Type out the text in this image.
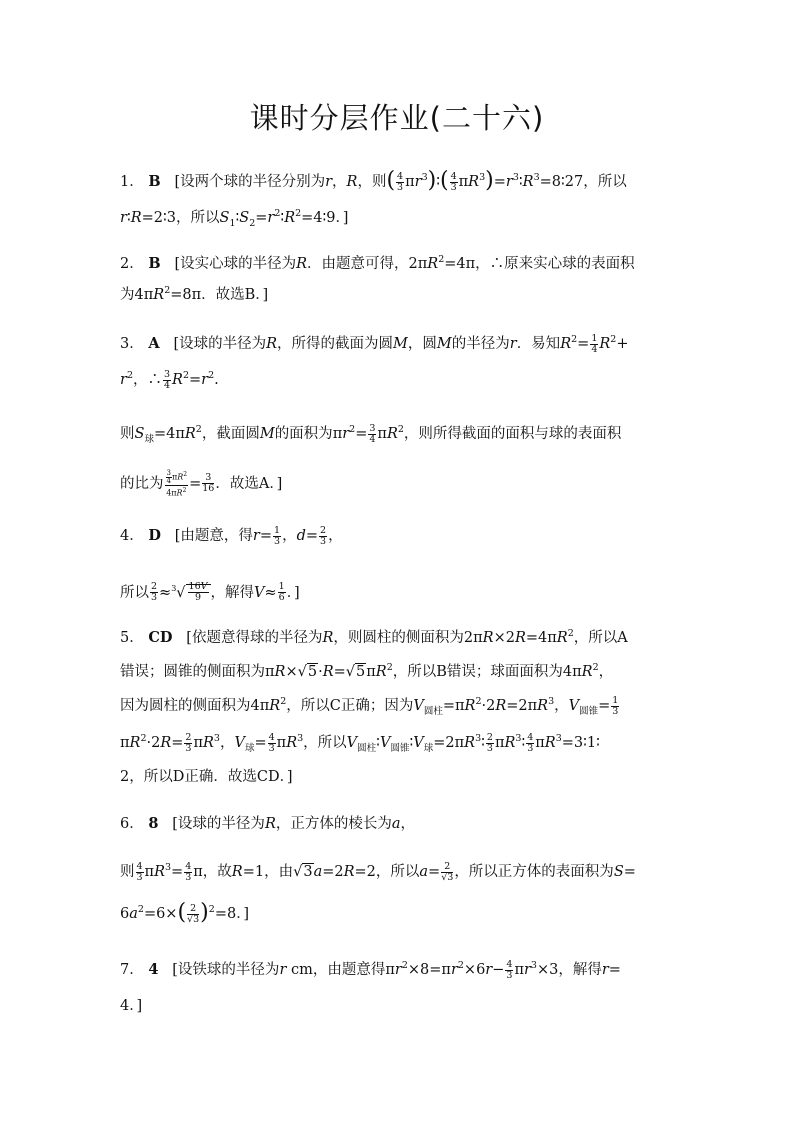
课时分层作业(二十六)
1． B [设两个球的半径分别为r，R，则( $\frac{4}{3}$ $\pi r^3)∶( \frac{4}{3}$ $\pi R^3)=r^3∶R^3=8∶27$，所以
r∶R=2∶3，所以$S_1∶S_2=r^2∶R^2=4∶9$．]
2． B [设实心球的半径为R．由题意可得，$2\pi R^2=4\pi$，∴原来实心球的表面积
为$4\pi R^2=8\pi$．故选B．]
3． A [设球的半径为R，所得的截面为圆M，圆M的半径为r．易知$R^2= \frac{1}{4} R^2+$
$r^2$，∴ $\frac{3}{4} R^2=r^2$.
则$S_球=4\pi R^2$，截面圆M的面积为$\pi r^2= \frac{3}{4} \pi R^2$，则所得截面的面积与球的表面积
的比为 $\frac{\frac{3}{4} \pi R^2}{4\pi R^2} = \frac{3}{16}$ ．故选A．]
4． D [由题意，得$r= \frac{1}{3}$ ，$d= \frac{2}{3}$ ，
所以 $\frac{2}{3} \approx^3√ \frac{16V}{9}$ ，解得$V\approx \frac{1}{6}$ ．]
5． CD [依题意得球的半径为R，则圆柱的侧面积为$2\pi R\times 2R=4\pi R^2$，所以A
错误；圆锥的侧面积为$\pi R\times√5\cdot R=√5\pi R^2$，所以B错误；球面面积为$4\pi R^2$，
因为圆柱的侧面积为$4\pi R^2$，所以C正确；因为$V_{圆柱}=\pi R^2\cdot 2R=2\pi R^3$，$V_{圆锥}= \frac{1}{3}$
$\pi R^2\cdot 2R= \frac{2}{3} \pi R^3$，$V_球= \frac{4}{3} \pi R^3$，所以$V_{圆柱}∶V_{圆锥}∶V_球=2\pi R^3∶ \frac{2}{3}$ $\pi R^3∶ \frac{4}{3}$ $\pi R^3=3∶1∶$
2，所以D正确．故选CD．]
6． 8 [设球的半径为R，正方体的棱长为a，
则 $\frac{4}{3} \pi R^3= \frac{4}{3}$ π，故R=1，由√3a=2R=2，所以$a= \frac{2}{√3}$ ，所以正方体的表面积为S=
$6a^2=6\times( \frac{2}{√3} )^2=8$．]
7． 4 [设铁球的半径为r cm，由题意得$\pi r^2\times 8=\pi r^2\times 6r- \frac{4}{3} \pi r^3\times 3$，解得r=
4．]
